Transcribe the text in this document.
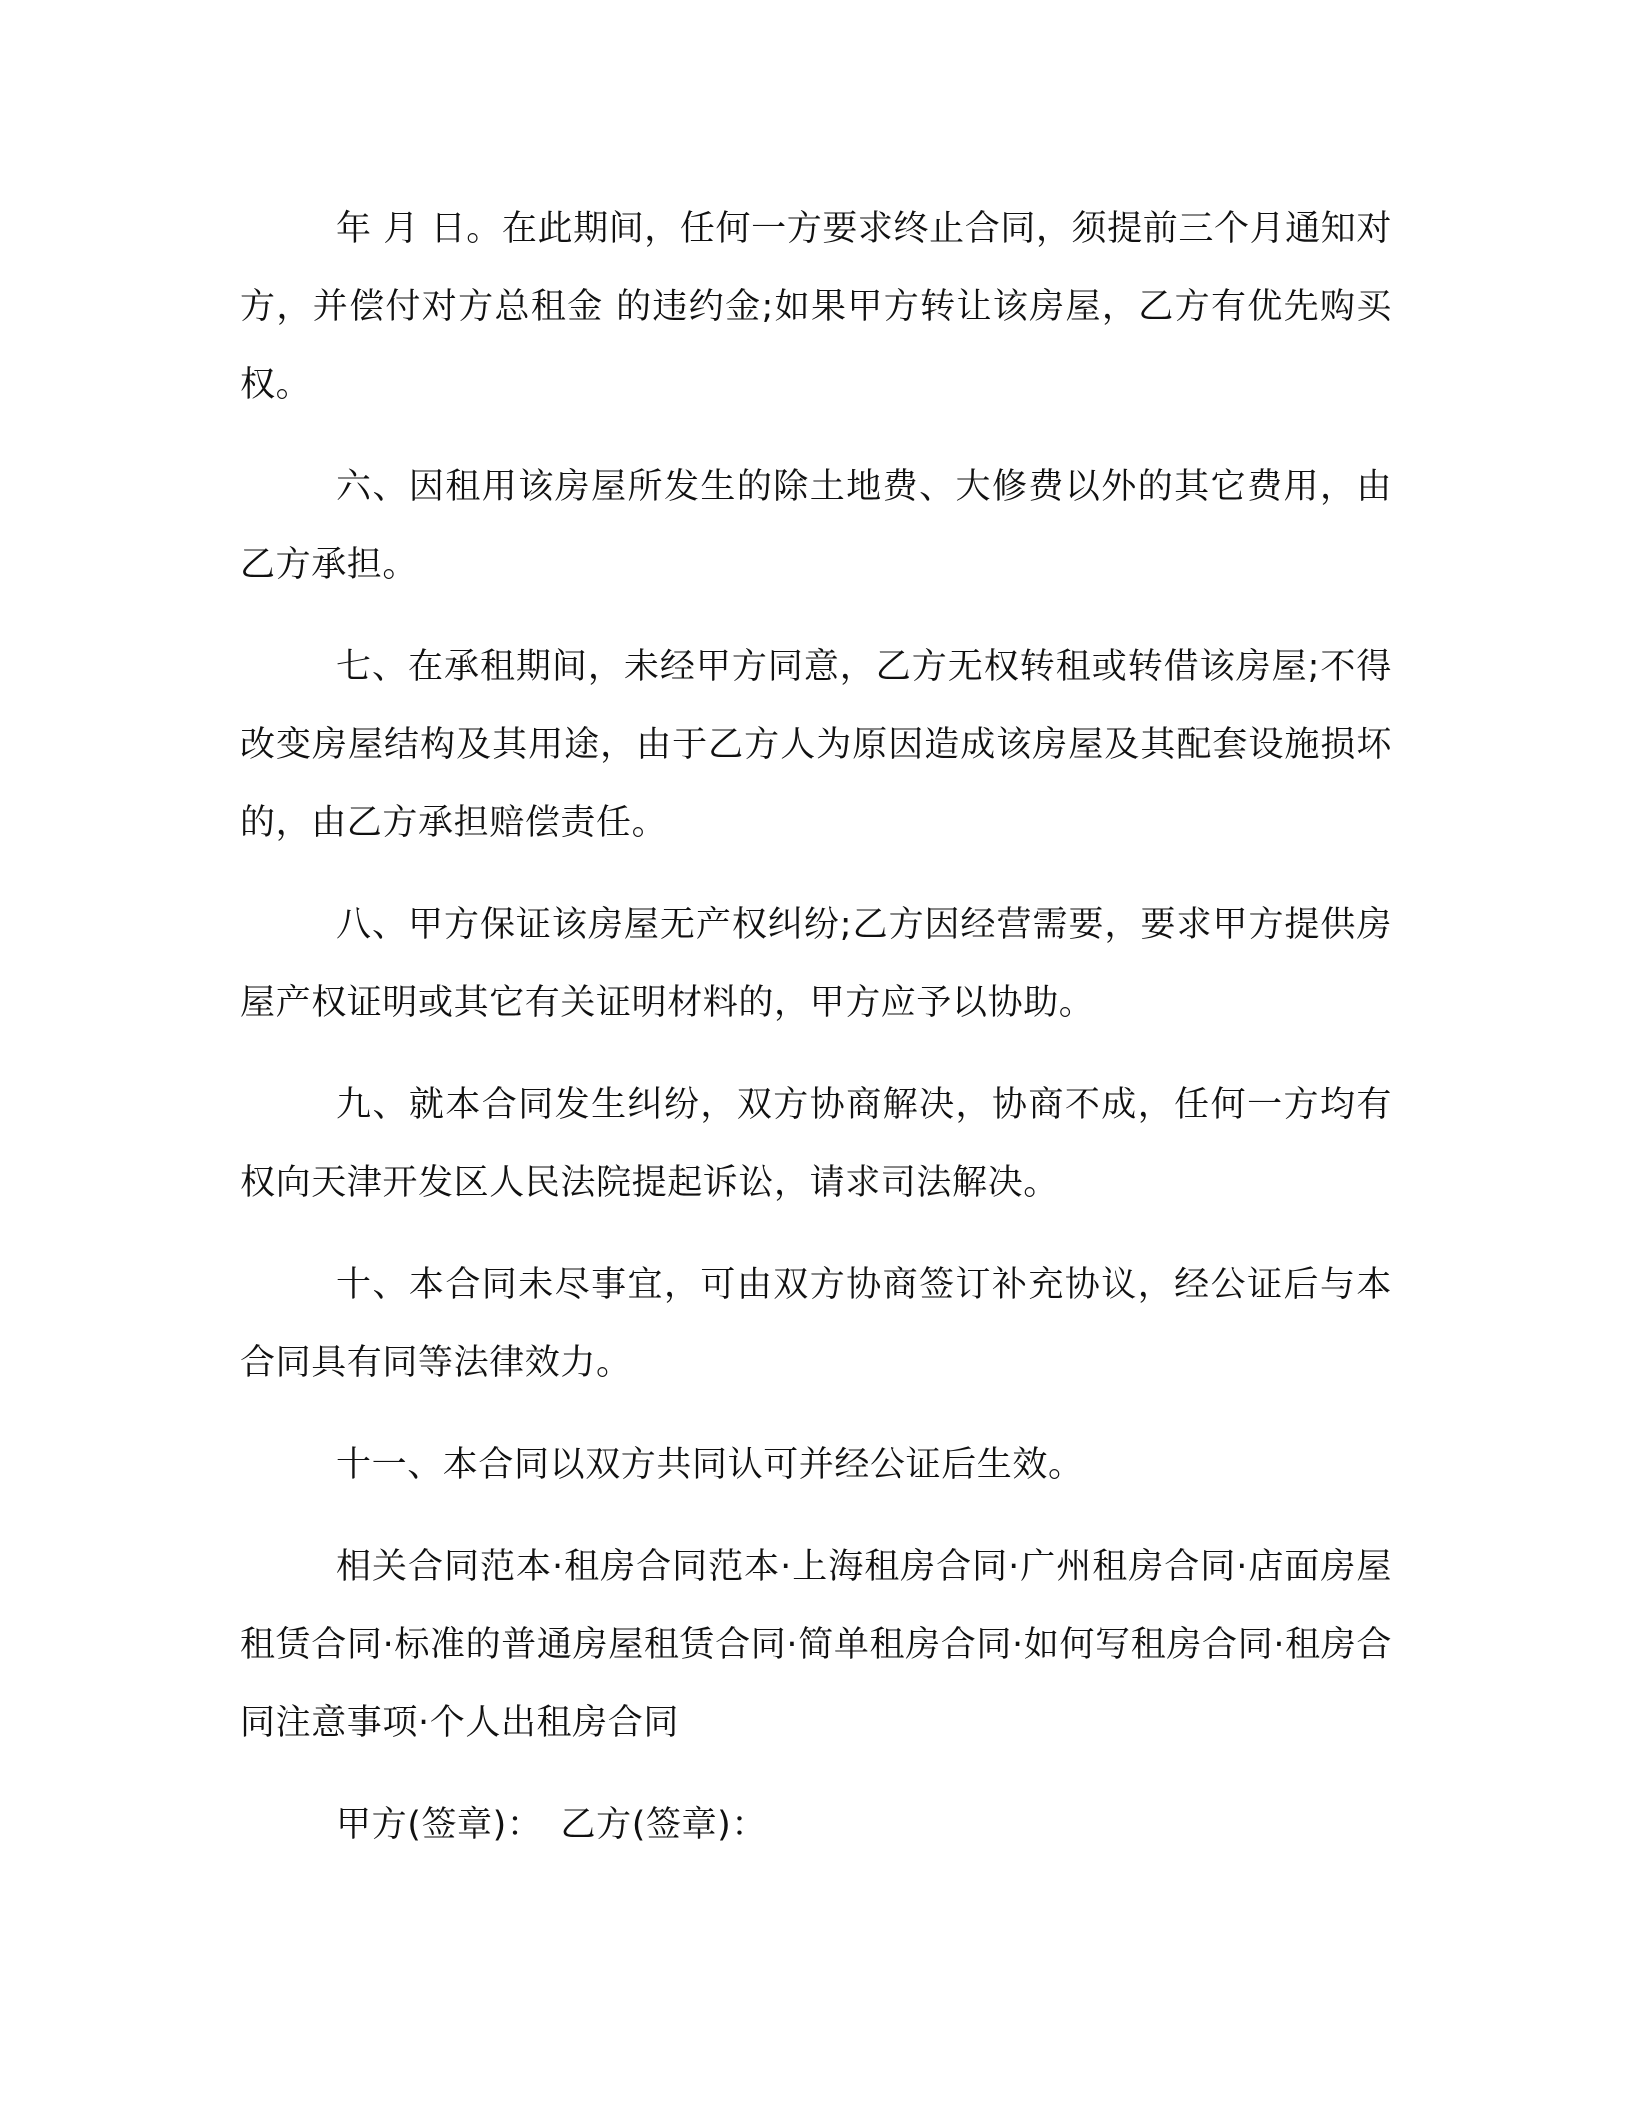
年 月 日。在此期间，任何一方要求终止合同，须提前三个月通知对方，并偿付对方总租金 的违约金;如果甲方转让该房屋，乙方有优先购买权。

六、因租用该房屋所发生的除土地费、大修费以外的其它费用，由乙方承担。

七、在承租期间，未经甲方同意，乙方无权转租或转借该房屋;不得改变房屋结构及其用途，由于乙方人为原因造成该房屋及其配套设施损坏的，由乙方承担赔偿责任。

八、甲方保证该房屋无产权纠纷;乙方因经营需要，要求甲方提供房屋产权证明或其它有关证明材料的，甲方应予以协助。

九、就本合同发生纠纷，双方协商解决，协商不成，任何一方均有权向天津开发区人民法院提起诉讼，请求司法解决。

十、本合同未尽事宜，可由双方协商签订补充协议，经公证后与本合同具有同等法律效力。

十一、本合同以双方共同认可并经公证后生效。

相关合同范本·租房合同范本·上海租房合同·广州租房合同·店面房屋租赁合同·标准的普通房屋租赁合同·简单租房合同·如何写租房合同·租房合同注意事项·个人出租房合同

甲方(签章)： 乙方(签章)：
